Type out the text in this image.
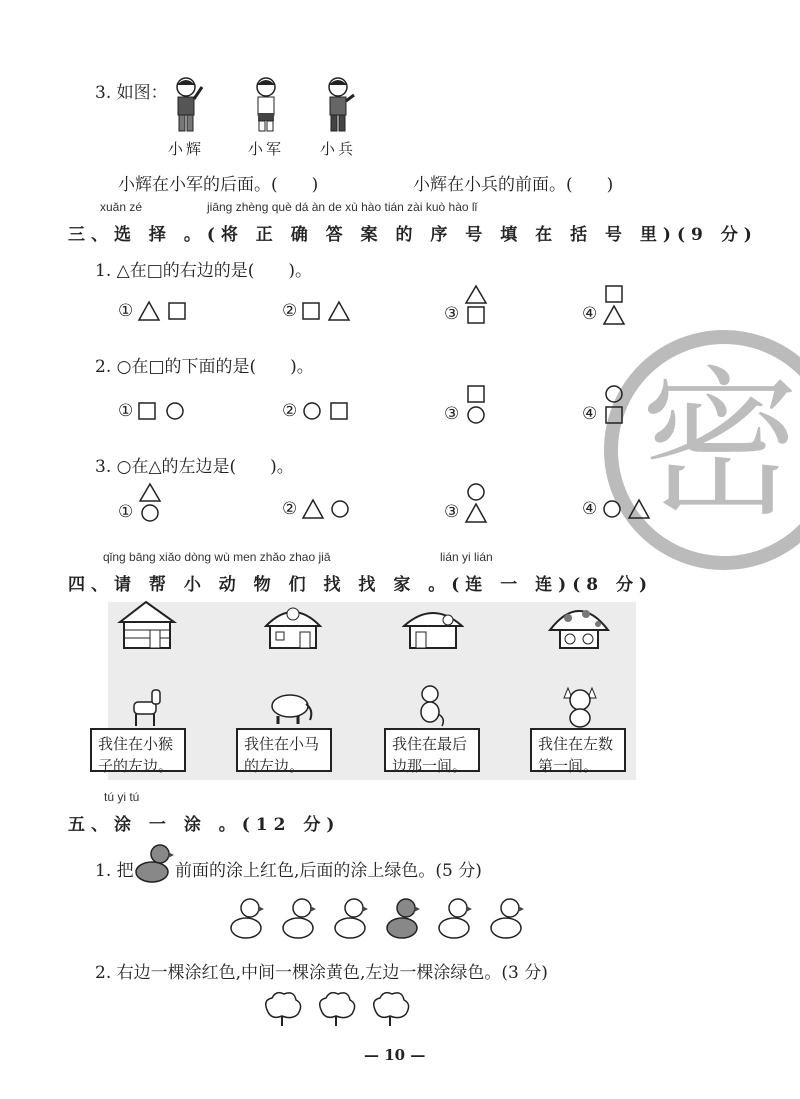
密
3. 如图：
小辉	小军 小兵
小辉在小军的后面。(　　)	小辉在小兵的前面。(　　)
xuǎn zé	jiāng zhèng què dá àn de xù hào tián zài kuò hào lǐ
三、选 择 。(将 正 确 答 案 的 序 号 填 在 括 号 里)(9 分)
1. △在□的右边的是(　　)。
①	②	③	④
2. ○在□的下面的是(　　)。
①	②	③	④
3. ○在△的左边是(　　)。
①	②	③	④
qǐng bāng xiǎo dòng wù men zhǎo zhao jiā	lián yi lián
四、请 帮 小 动 物 们 找 找 家 。(连 一 连)(8 分)
我住在小猴
子的左边。
我住在小马
的左边。
我住在最后
边那一间。
我住在左数
第一间。
tú yi tú
五、涂 一 涂 。(12 分)
1. 把 前面的涂上红色,后面的涂上绿色。(5 分)
2. 右边一棵涂红色,中间一棵涂黄色,左边一棵涂绿色。(3 分)
— 10 —
